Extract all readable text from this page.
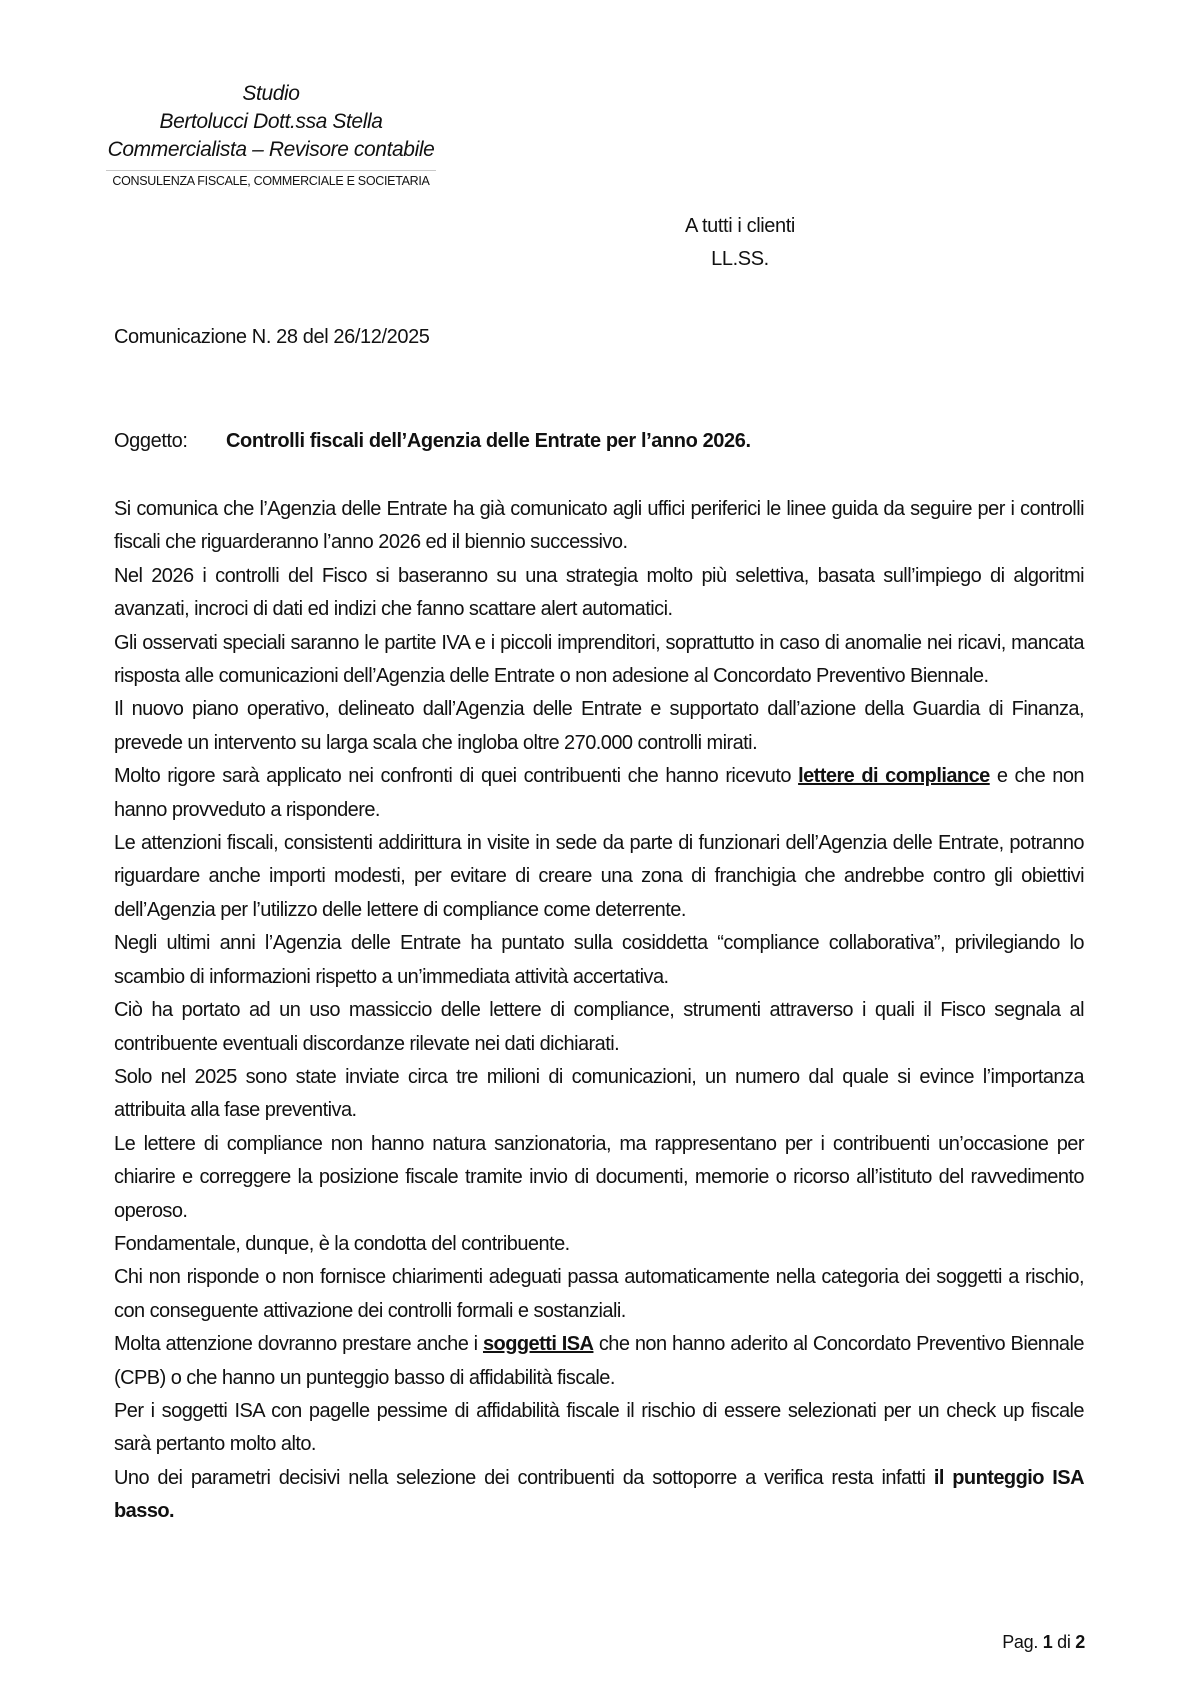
Studio
Bertolucci Dott.ssa Stella
Commercialista – Revisore contabile
CONSULENZA FISCALE, COMMERCIALE E SOCIETARIA
A tutti i clienti
LL.SS.
Comunicazione N. 28 del 26/12/2025
Oggetto: Controlli fiscali dell’Agenzia delle Entrate per l’anno 2026.

Si comunica che l’Agenzia delle Entrate ha già comunicato agli uffici periferici le linee guida da seguire per i controlli fiscali che riguarderanno l’anno 2026 ed il biennio successivo.

Nel 2026 i controlli del Fisco si baseranno su una strategia molto più selettiva, basata sull’impiego di algoritmi avanzati, incroci di dati ed indizi che fanno scattare alert automatici.

Gli osservati speciali saranno le partite IVA e i piccoli imprenditori, soprattutto in caso di anomalie nei ricavi, mancata risposta alle comunicazioni dell’Agenzia delle Entrate o non adesione al Concordato Preventivo Biennale.

Il nuovo piano operativo, delineato dall’Agenzia delle Entrate e supportato dall’azione della Guardia di Finanza, prevede un intervento su larga scala che ingloba oltre 270.000 controlli mirati.

Molto rigore sarà applicato nei confronti di quei contribuenti che hanno ricevuto lettere di compliance e che non hanno provveduto a rispondere.

Le attenzioni fiscali, consistenti addirittura in visite in sede da parte di funzionari dell’Agenzia delle Entrate, potranno riguardare anche importi modesti, per evitare di creare una zona di franchigia che andrebbe contro gli obiettivi dell’Agenzia per l’utilizzo delle lettere di compliance come deterrente.

Negli ultimi anni l’Agenzia delle Entrate ha puntato sulla cosiddetta “compliance collaborativa”, privilegiando lo scambio di informazioni rispetto a un’immediata attività accertativa.

Ciò ha portato ad un uso massiccio delle lettere di compliance, strumenti attraverso i quali il Fisco segnala al contribuente eventuali discordanze rilevate nei dati dichiarati.

Solo nel 2025 sono state inviate circa tre milioni di comunicazioni, un numero dal quale si evince l’importanza attribuita alla fase preventiva.

Le lettere di compliance non hanno natura sanzionatoria, ma rappresentano per i contribuenti un’occasione per chiarire e correggere la posizione fiscale tramite invio di documenti, memorie o ricorso all’istituto del ravvedimento operoso.

Fondamentale, dunque, è la condotta del contribuente.

Chi non risponde o non fornisce chiarimenti adeguati passa automaticamente nella categoria dei soggetti a rischio, con conseguente attivazione dei controlli formali e sostanziali.

Molta attenzione dovranno prestare anche i soggetti ISA che non hanno aderito al Concordato Preventivo Biennale (CPB) o che hanno un punteggio basso di affidabilità fiscale.

Per i soggetti ISA con pagelle pessime di affidabilità fiscale il rischio di essere selezionati per un check up fiscale sarà pertanto molto alto.

Uno dei parametri decisivi nella selezione dei contribuenti da sottoporre a verifica resta infatti il punteggio ISA basso.

Pag. 1 di 2
